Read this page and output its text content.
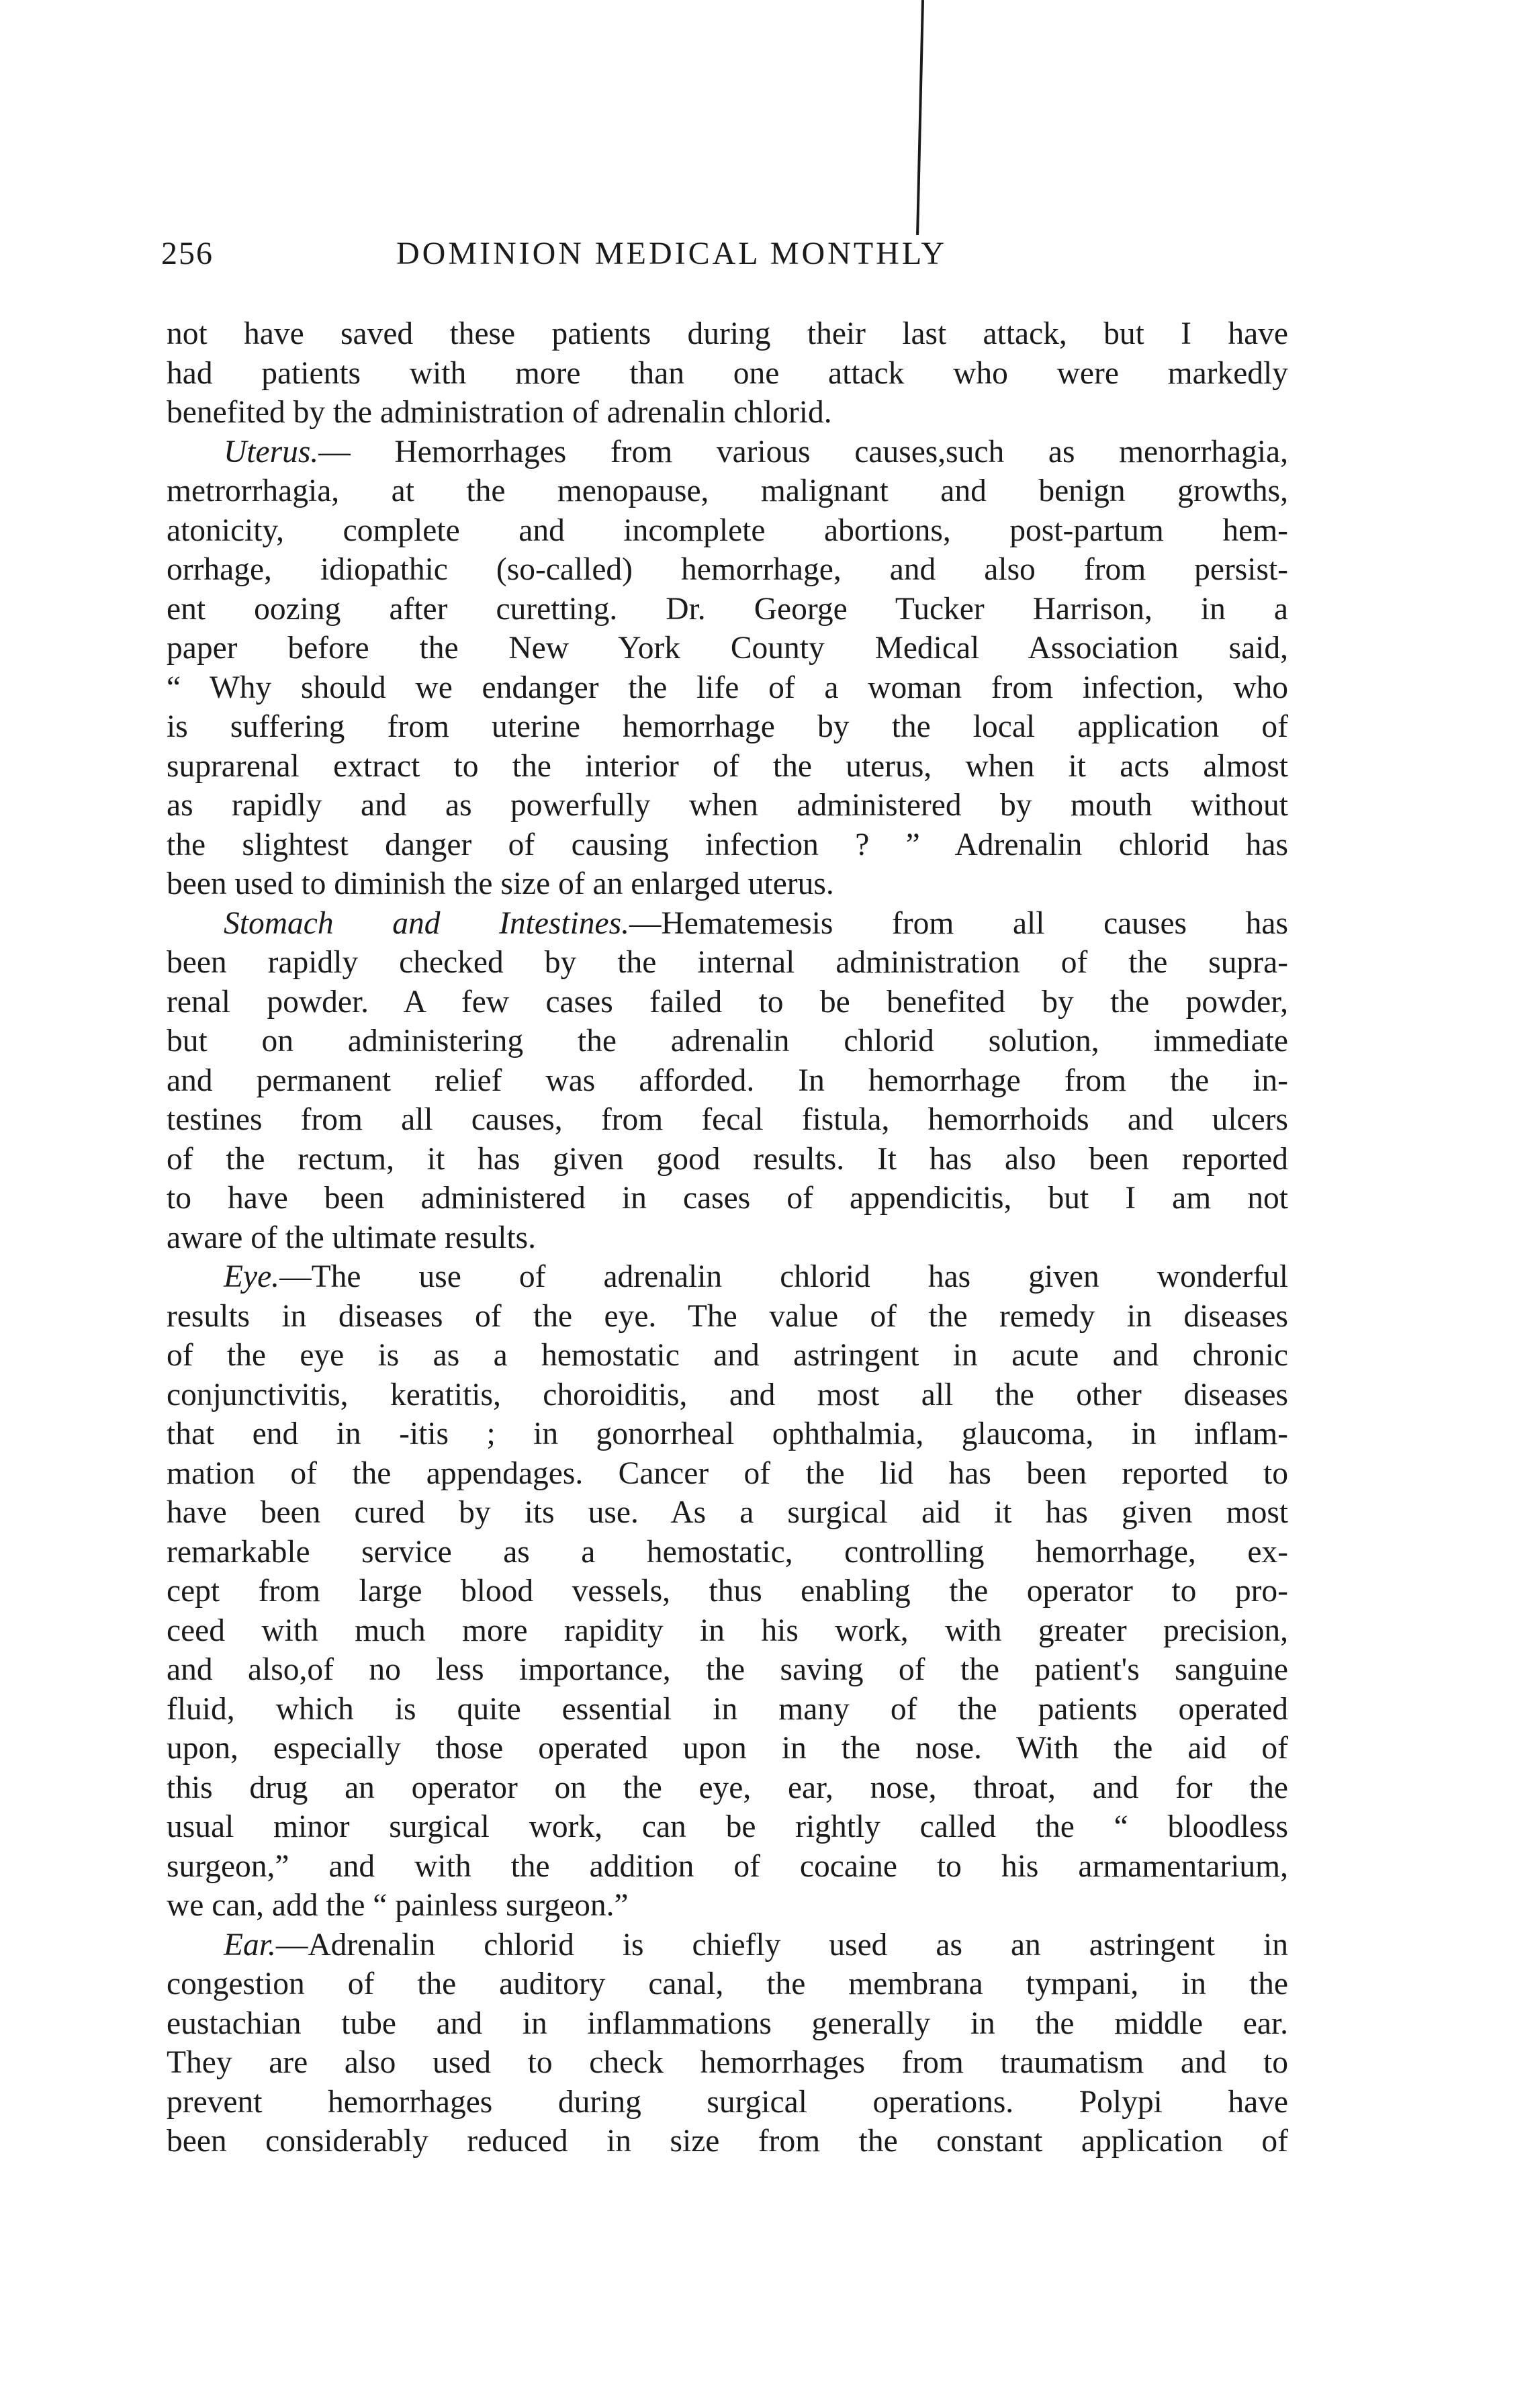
256	DOMINION MEDICAL MONTHLY
not have saved these patients during their last attack, but I have
had patients with more than one attack who were markedly
benefited by the administration of adrenalin chlorid.
Uterus.— Hemorrhages from various causes,such as menorrhagia,
metrorrhagia, at the menopause, malignant and benign growths,
atonicity, complete and incomplete abortions, post-partum hem-
orrhage, idiopathic (so-called) hemorrhage, and also from persist-
ent oozing after curetting. Dr. George Tucker Harrison, in a
paper before the New York County Medical Association said,
“ Why should we endanger the life of a woman from infection, who
is suffering from uterine hemorrhage by the local application of
suprarenal extract to the interior of the uterus, when it acts almost
as rapidly and as powerfully when administered by mouth without
the slightest danger of causing infection ? ” Adrenalin chlorid has
been used to diminish the size of an enlarged uterus.
Stomach and Intestines.—Hematemesis from all causes has
been rapidly checked by the internal administration of the supra-
renal powder. A few cases failed to be benefited by the powder,
but on administering the adrenalin chlorid solution, immediate
and permanent relief was afforded. In hemorrhage from the in-
testines from all causes, from fecal fistula, hemorrhoids and ulcers
of the rectum, it has given good results. It has also been reported
to have been administered in cases of appendicitis, but I am not
aware of the ultimate results.
Eye.—The use of adrenalin chlorid has given wonderful
results in diseases of the eye. The value of the remedy in diseases
of the eye is as a hemostatic and astringent in acute and chronic
conjunctivitis, keratitis, choroiditis, and most all the other diseases
that end in -itis ; in gonorrheal ophthalmia, glaucoma, in inflam-
mation of the appendages. Cancer of the lid has been reported to
have been cured by its use. As a surgical aid it has given most
remarkable service as a hemostatic, controlling hemorrhage, ex-
cept from large blood vessels, thus enabling the operator to pro-
ceed with much more rapidity in his work, with greater precision,
and also,of no less importance, the saving of the patient's sanguine
fluid, which is quite essential in many of the patients operated
upon, especially those operated upon in the nose. With the aid of
this drug an operator on the eye, ear, nose, throat, and for the
usual minor surgical work, can be rightly called the “ bloodless
surgeon,” and with the addition of cocaine to his armamentarium,
we can, add the “ painless surgeon.”
Ear.—Adrenalin chlorid is chiefly used as an astringent in
congestion of the auditory canal, the membrana tympani, in the
eustachian tube and in inflammations generally in the middle ear.
They are also used to check hemorrhages from traumatism and to
prevent hemorrhages during surgical operations. Polypi have
been considerably reduced in size from the constant application of
